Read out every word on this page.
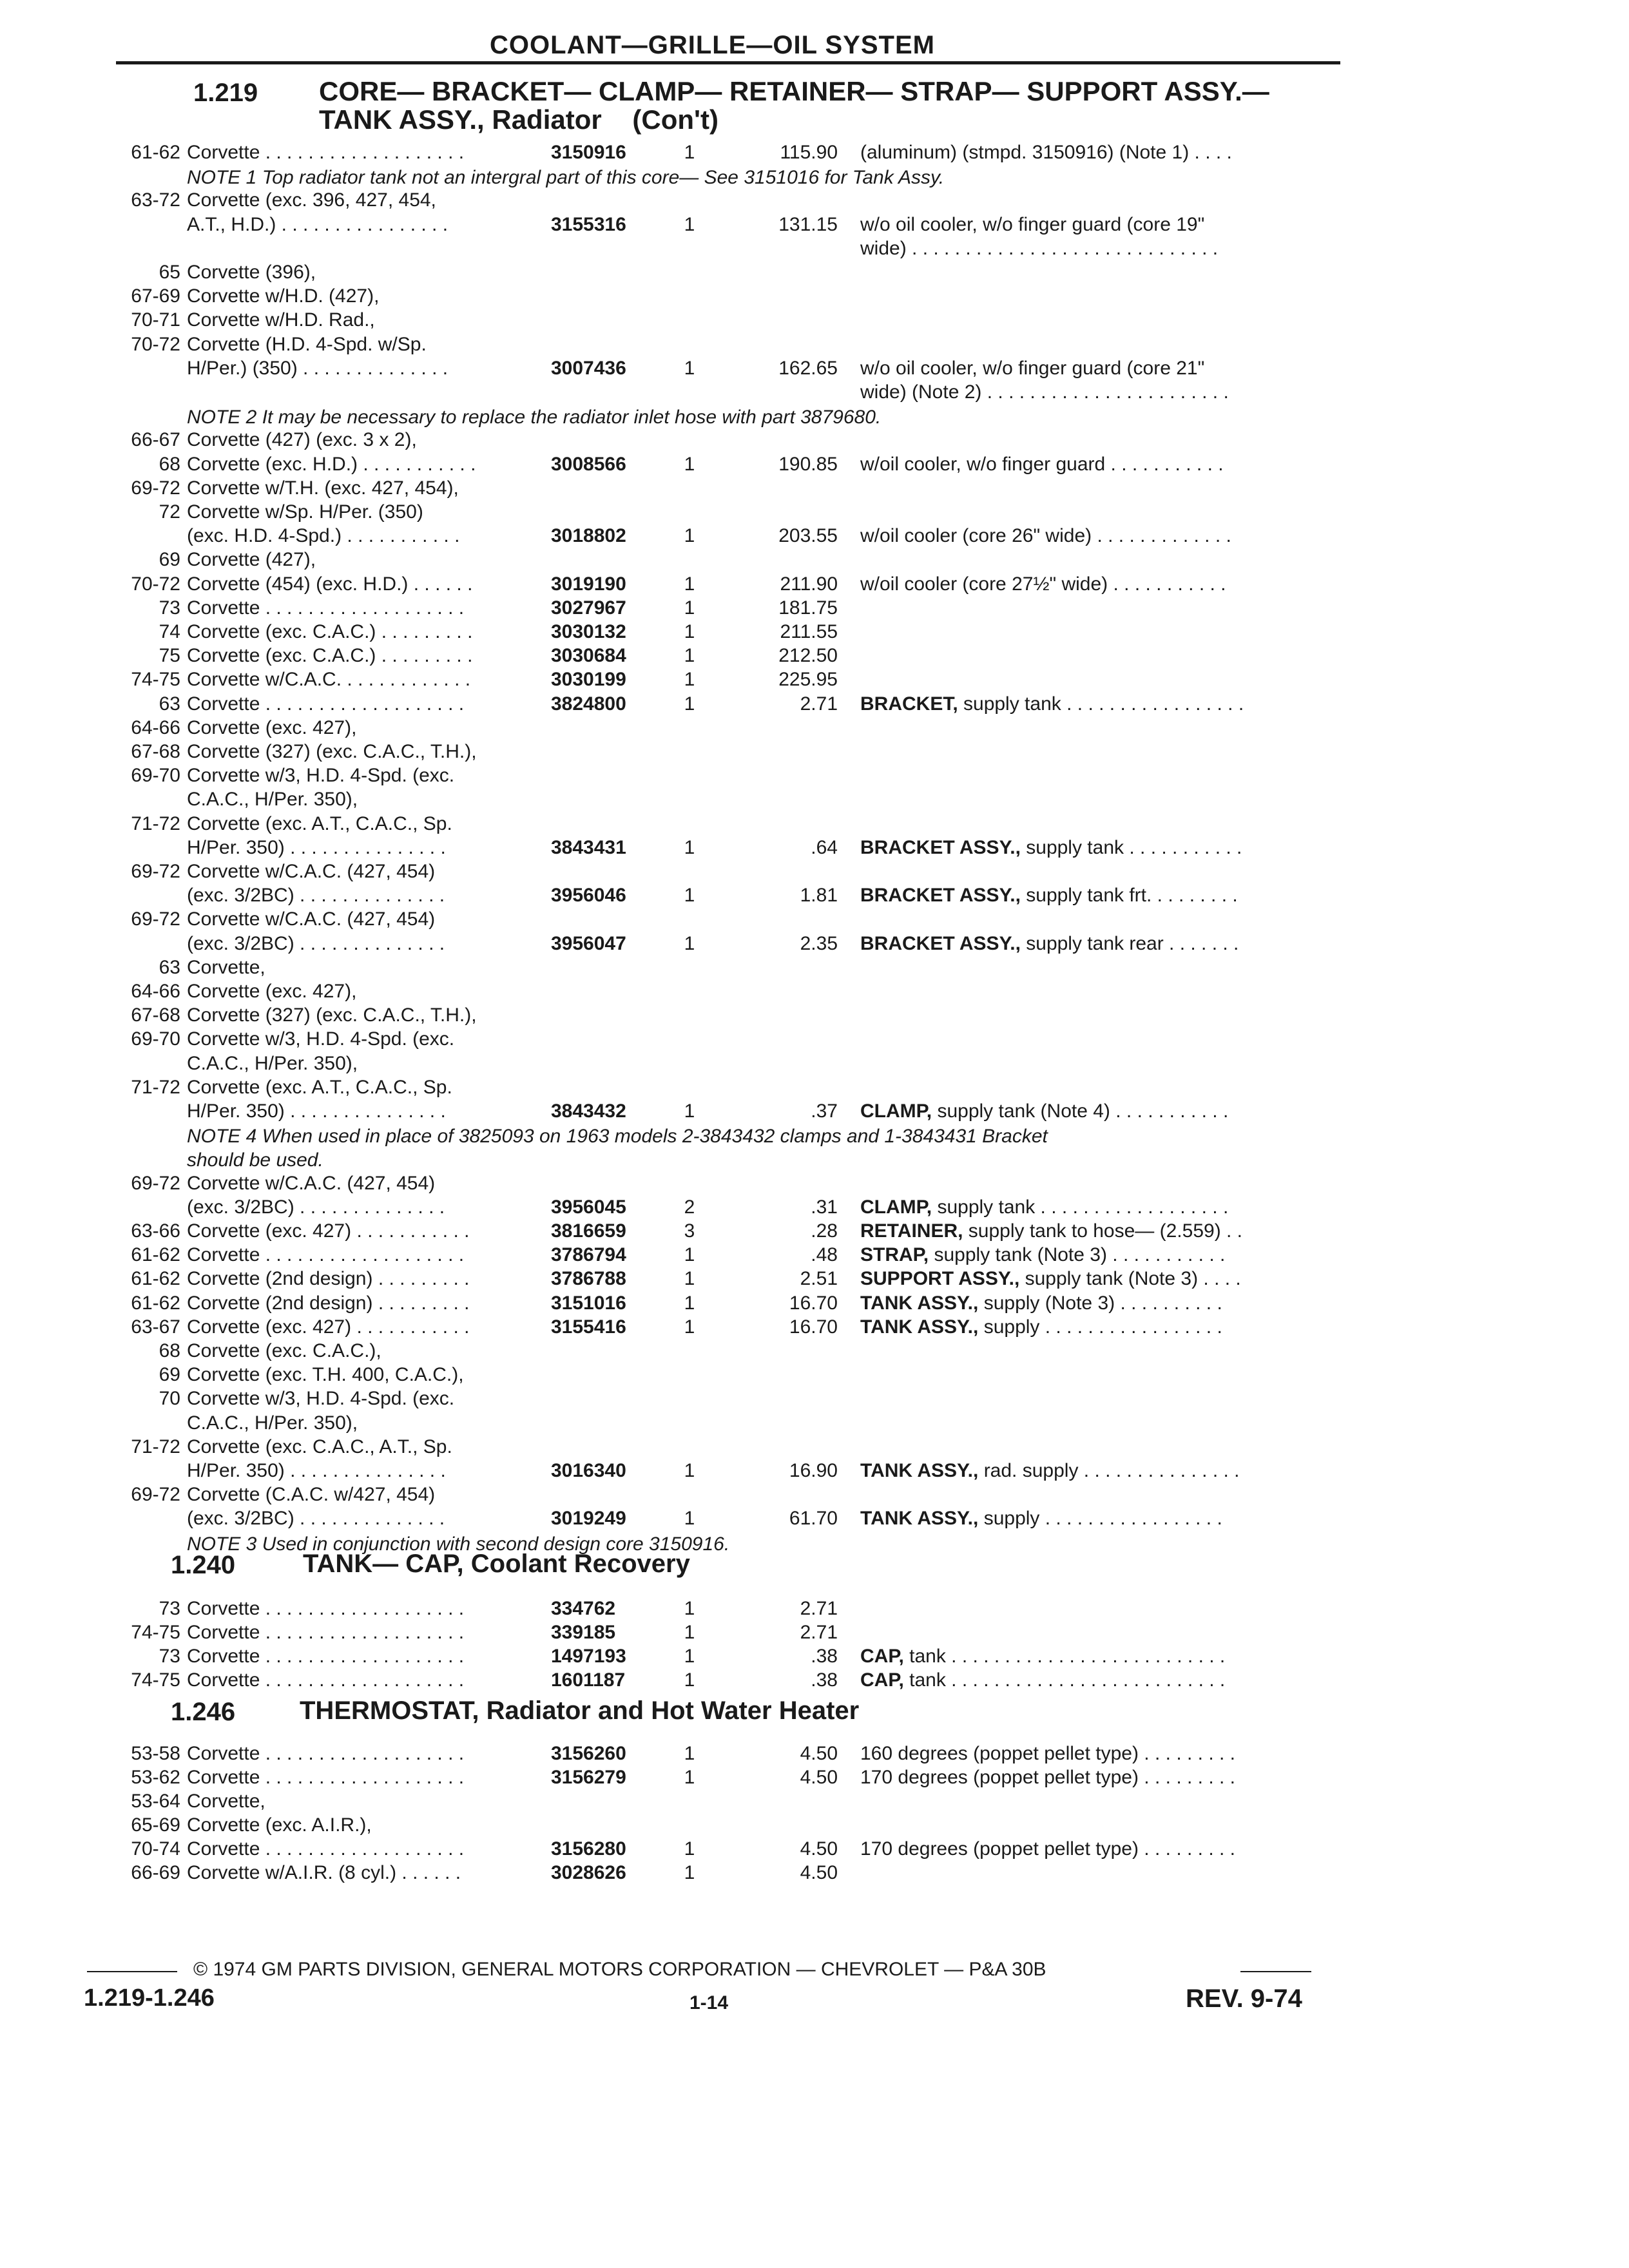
COOLANT—GRILLE—OIL SYSTEM
1.219 CORE— BRACKET— CLAMP— RETAINER— STRAP— SUPPORT ASSY.—
TANK ASSY., Radiator (Con't)
61-62 Corvette . . . . . . . . . . . . . . . . . . .	3150916	1	115.90 (aluminum) (stmpd. 3150916) (Note 1) . . . .
NOTE 1 Top radiator tank not an intergral part of this core— See 3151016 for Tank Assy.
63-72 Corvette (exc. 396, 427, 454,
A.T., H.D.) . . . . . . . . . . . . . . . .	3155316	1	131.15 w/o oil cooler, w/o finger guard (core 19"
wide) . . . . . . . . . . . . . . . . . . . . . . . . . . . . .
65 Corvette (396),
67-69 Corvette w/H.D. (427),
70-71 Corvette w/H.D. Rad.,
70-72 Corvette (H.D. 4-Spd. w/Sp.
H/Per.) (350) . . . . . . . . . . . . . .	3007436	1	162.65 w/o oil cooler, w/o finger guard (core 21"
wide) (Note 2) . . . . . . . . . . . . . . . . . . . . . . .
NOTE 2 It may be necessary to replace the radiator inlet hose with part 3879680.
66-67 Corvette (427) (exc. 3 x 2),
68 Corvette (exc. H.D.) . . . . . . . . . . .	3008566	1	190.85 w/oil cooler, w/o finger guard . . . . . . . . . . .
69-72 Corvette w/T.H. (exc. 427, 454),
72 Corvette w/Sp. H/Per. (350)
(exc. H.D. 4-Spd.) . . . . . . . . . . .	3018802	1	203.55 w/oil cooler (core 26" wide) . . . . . . . . . . . . .
69 Corvette (427),
70-72 Corvette (454) (exc. H.D.) . . . . . .	3019190	1	211.90 w/oil cooler (core 27½" wide) . . . . . . . . . . .
73 Corvette . . . . . . . . . . . . . . . . . . .	3027967	1	181.75
74 Corvette (exc. C.A.C.) . . . . . . . . .	3030132	1	211.55
75 Corvette (exc. C.A.C.) . . . . . . . . .	3030684	1	212.50
74-75 Corvette w/C.A.C. . . . . . . . . . . . .	3030199	1	225.95
63 Corvette . . . . . . . . . . . . . . . . . . .	3824800	1	2.71 BRACKET, supply tank . . . . . . . . . . . . . . . . .
64-66 Corvette (exc. 427),
67-68 Corvette (327) (exc. C.A.C., T.H.),
69-70 Corvette w/3, H.D. 4-Spd. (exc.
C.A.C., H/Per. 350),
71-72 Corvette (exc. A.T., C.A.C., Sp.
H/Per. 350) . . . . . . . . . . . . . . .	3843431	1	.64 BRACKET ASSY., supply tank . . . . . . . . . . .
69-72 Corvette w/C.A.C. (427, 454)
(exc. 3/2BC) . . . . . . . . . . . . . .	3956046	1	1.81 BRACKET ASSY., supply tank frt. . . . . . . . .
69-72 Corvette w/C.A.C. (427, 454)
(exc. 3/2BC) . . . . . . . . . . . . . .	3956047	1	2.35 BRACKET ASSY., supply tank rear . . . . . . .
63 Corvette,
64-66 Corvette (exc. 427),
67-68 Corvette (327) (exc. C.A.C., T.H.),
69-70 Corvette w/3, H.D. 4-Spd. (exc.
C.A.C., H/Per. 350),
71-72 Corvette (exc. A.T., C.A.C., Sp.
H/Per. 350) . . . . . . . . . . . . . . .	3843432	1	.37 CLAMP, supply tank (Note 4) . . . . . . . . . . .
NOTE 4 When used in place of 3825093 on 1963 models 2-3843432 clamps and 1-3843431 Bracket
should be used.
69-72 Corvette w/C.A.C. (427, 454)
(exc. 3/2BC) . . . . . . . . . . . . . .	3956045	2	.31 CLAMP, supply tank . . . . . . . . . . . . . . . . . .
63-66 Corvette (exc. 427) . . . . . . . . . . .	3816659	3	.28 RETAINER, supply tank to hose— (2.559) . .
61-62 Corvette . . . . . . . . . . . . . . . . . . .	3786794	1	.48 STRAP, supply tank (Note 3) . . . . . . . . . . .
61-62 Corvette (2nd design) . . . . . . . . .	3786788	1	2.51 SUPPORT ASSY., supply tank (Note 3) . . . .
61-62 Corvette (2nd design) . . . . . . . . .	3151016	1	16.70 TANK ASSY., supply (Note 3) . . . . . . . . . .
63-67 Corvette (exc. 427) . . . . . . . . . . .	3155416	1	16.70 TANK ASSY., supply . . . . . . . . . . . . . . . . .
68 Corvette (exc. C.A.C.),
69 Corvette (exc. T.H. 400, C.A.C.),
70 Corvette w/3, H.D. 4-Spd. (exc.
C.A.C., H/Per. 350),
71-72 Corvette (exc. C.A.C., A.T., Sp.
H/Per. 350) . . . . . . . . . . . . . . .	3016340	1	16.90 TANK ASSY., rad. supply . . . . . . . . . . . . . . .
69-72 Corvette (C.A.C. w/427, 454)
(exc. 3/2BC) . . . . . . . . . . . . . .	3019249	1	61.70 TANK ASSY., supply . . . . . . . . . . . . . . . . .
NOTE 3 Used in conjunction with second design core 3150916.
1.240	TANK— CAP, Coolant Recovery
73 Corvette . . . . . . . . . . . . . . . . . . .	334762	1	2.71
74-75 Corvette . . . . . . . . . . . . . . . . . . .	339185	1	2.71
73 Corvette . . . . . . . . . . . . . . . . . . .	1497193	1	.38 CAP, tank . . . . . . . . . . . . . . . . . . . . . . . . . .
74-75 Corvette . . . . . . . . . . . . . . . . . . .	1601187	1	.38 CAP, tank . . . . . . . . . . . . . . . . . . . . . . . . . .
1.246 THERMOSTAT, Radiator and Hot Water Heater
53-58 Corvette . . . . . . . . . . . . . . . . . . .	3156260	1	4.50 160 degrees (poppet pellet type) . . . . . . . . .
53-62 Corvette . . . . . . . . . . . . . . . . . . .	3156279	1	4.50 170 degrees (poppet pellet type) . . . . . . . . .
53-64 Corvette,
65-69 Corvette (exc. A.I.R.),
70-74 Corvette . . . . . . . . . . . . . . . . . . .	3156280	1	4.50 170 degrees (poppet pellet type) . . . . . . . . .
66-69 Corvette w/A.I.R. (8 cyl.) . . . . . .	3028626	1	4.50
© 1974 GM PARTS DIVISION, GENERAL MOTORS CORPORATION — CHEVROLET — P&A 30B
1.219-1.246	1-14	REV. 9-74
